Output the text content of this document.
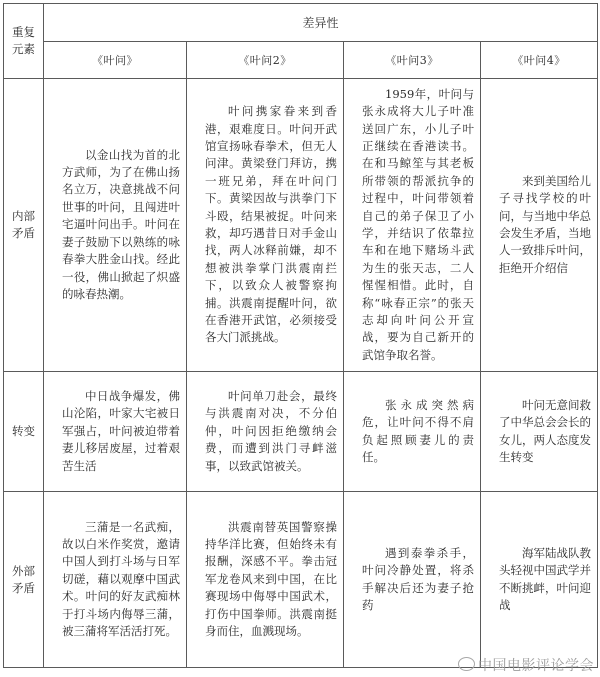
重复
元素	差异性			
	《叶问》	《叶问2》	《叶问3》	《叶问4》

内部
矛盾	以金山找为首的北方武师，为了在佛山扬名立万，决意挑战不问世事的叶问，且闯进叶宅逼叶问出手。叶问在妻子鼓励下以熟练的咏春拳大胜金山找。经此一役，佛山掀起了炽盛的咏春热潮。	叶问携家眷来到香港，艰难度日。叶问开武馆宣扬咏春拳术，但无人问津。黄梁登门拜访，携一班兄弟，拜在叶问门下。黄梁因故与洪拳门下斗殴，结果被捉。叶问来救，却巧遇昔日对手金山找，两人冰释前嫌，却不想被洪拳掌门洪震南拦下，以致众人被警察拘捕。洪震南提醒叶问，欲在香港开武馆，必须接受各大门派挑战。	1959年，叶问与张永成将大儿子叶准送回广东，小儿子叶正继续在香港读书。在和马鲸笙与其老板所带领的帮派抗争的过程中，叶问带领着自己的弟子保卫了小学，并结识了依靠拉车和在地下赌场斗武为生的张天志，二人惺惺相惜。此时，自称“咏春正宗”的张天志却向叶问公开宣战，要为自己新开的武馆争取名誉。	来到美国给儿子寻找学校的叶问，与当地中华总会发生矛盾，当地人一致排斥叶问，拒绝开介绍信

转变	中日战争爆发，佛山沦陷，叶家大宅被日军强占，叶问被迫带着妻儿移居废屋，过着艰苦生活	叶问单刀赴会，最终与洪震南对决，不分伯仲，叶问因拒绝缴纳会费，而遭到洪门寻衅滋事，以致武馆被关。	张永成突然病危，让叶问不得不肩负起照顾妻儿的责任。	叶问无意间救了中华总会会长的女儿，两人态度发生转变

外部
矛盾	三蒲是一名武痴，故以白米作奖赏，邀请中国人到打斗场与日军切磋，藉以观摩中国武术。叶问的好友武痴林于打斗场内侮辱三蒲，被三蒲将军活活打死。	洪震南替英国警察操持华洋比赛，但始终未有报酬，深感不平。拳击冠军龙卷风来到中国，在比赛现场中侮辱中国武术，打伤中国拳师。洪震南挺身而住，血溅现场。	遇到泰拳杀手，叶问冷静处置，将杀手解决后还为妻子抢药	海军陆战队教头轻视中国武学并不断挑衅，叶问迎战
中国电影评论学会
